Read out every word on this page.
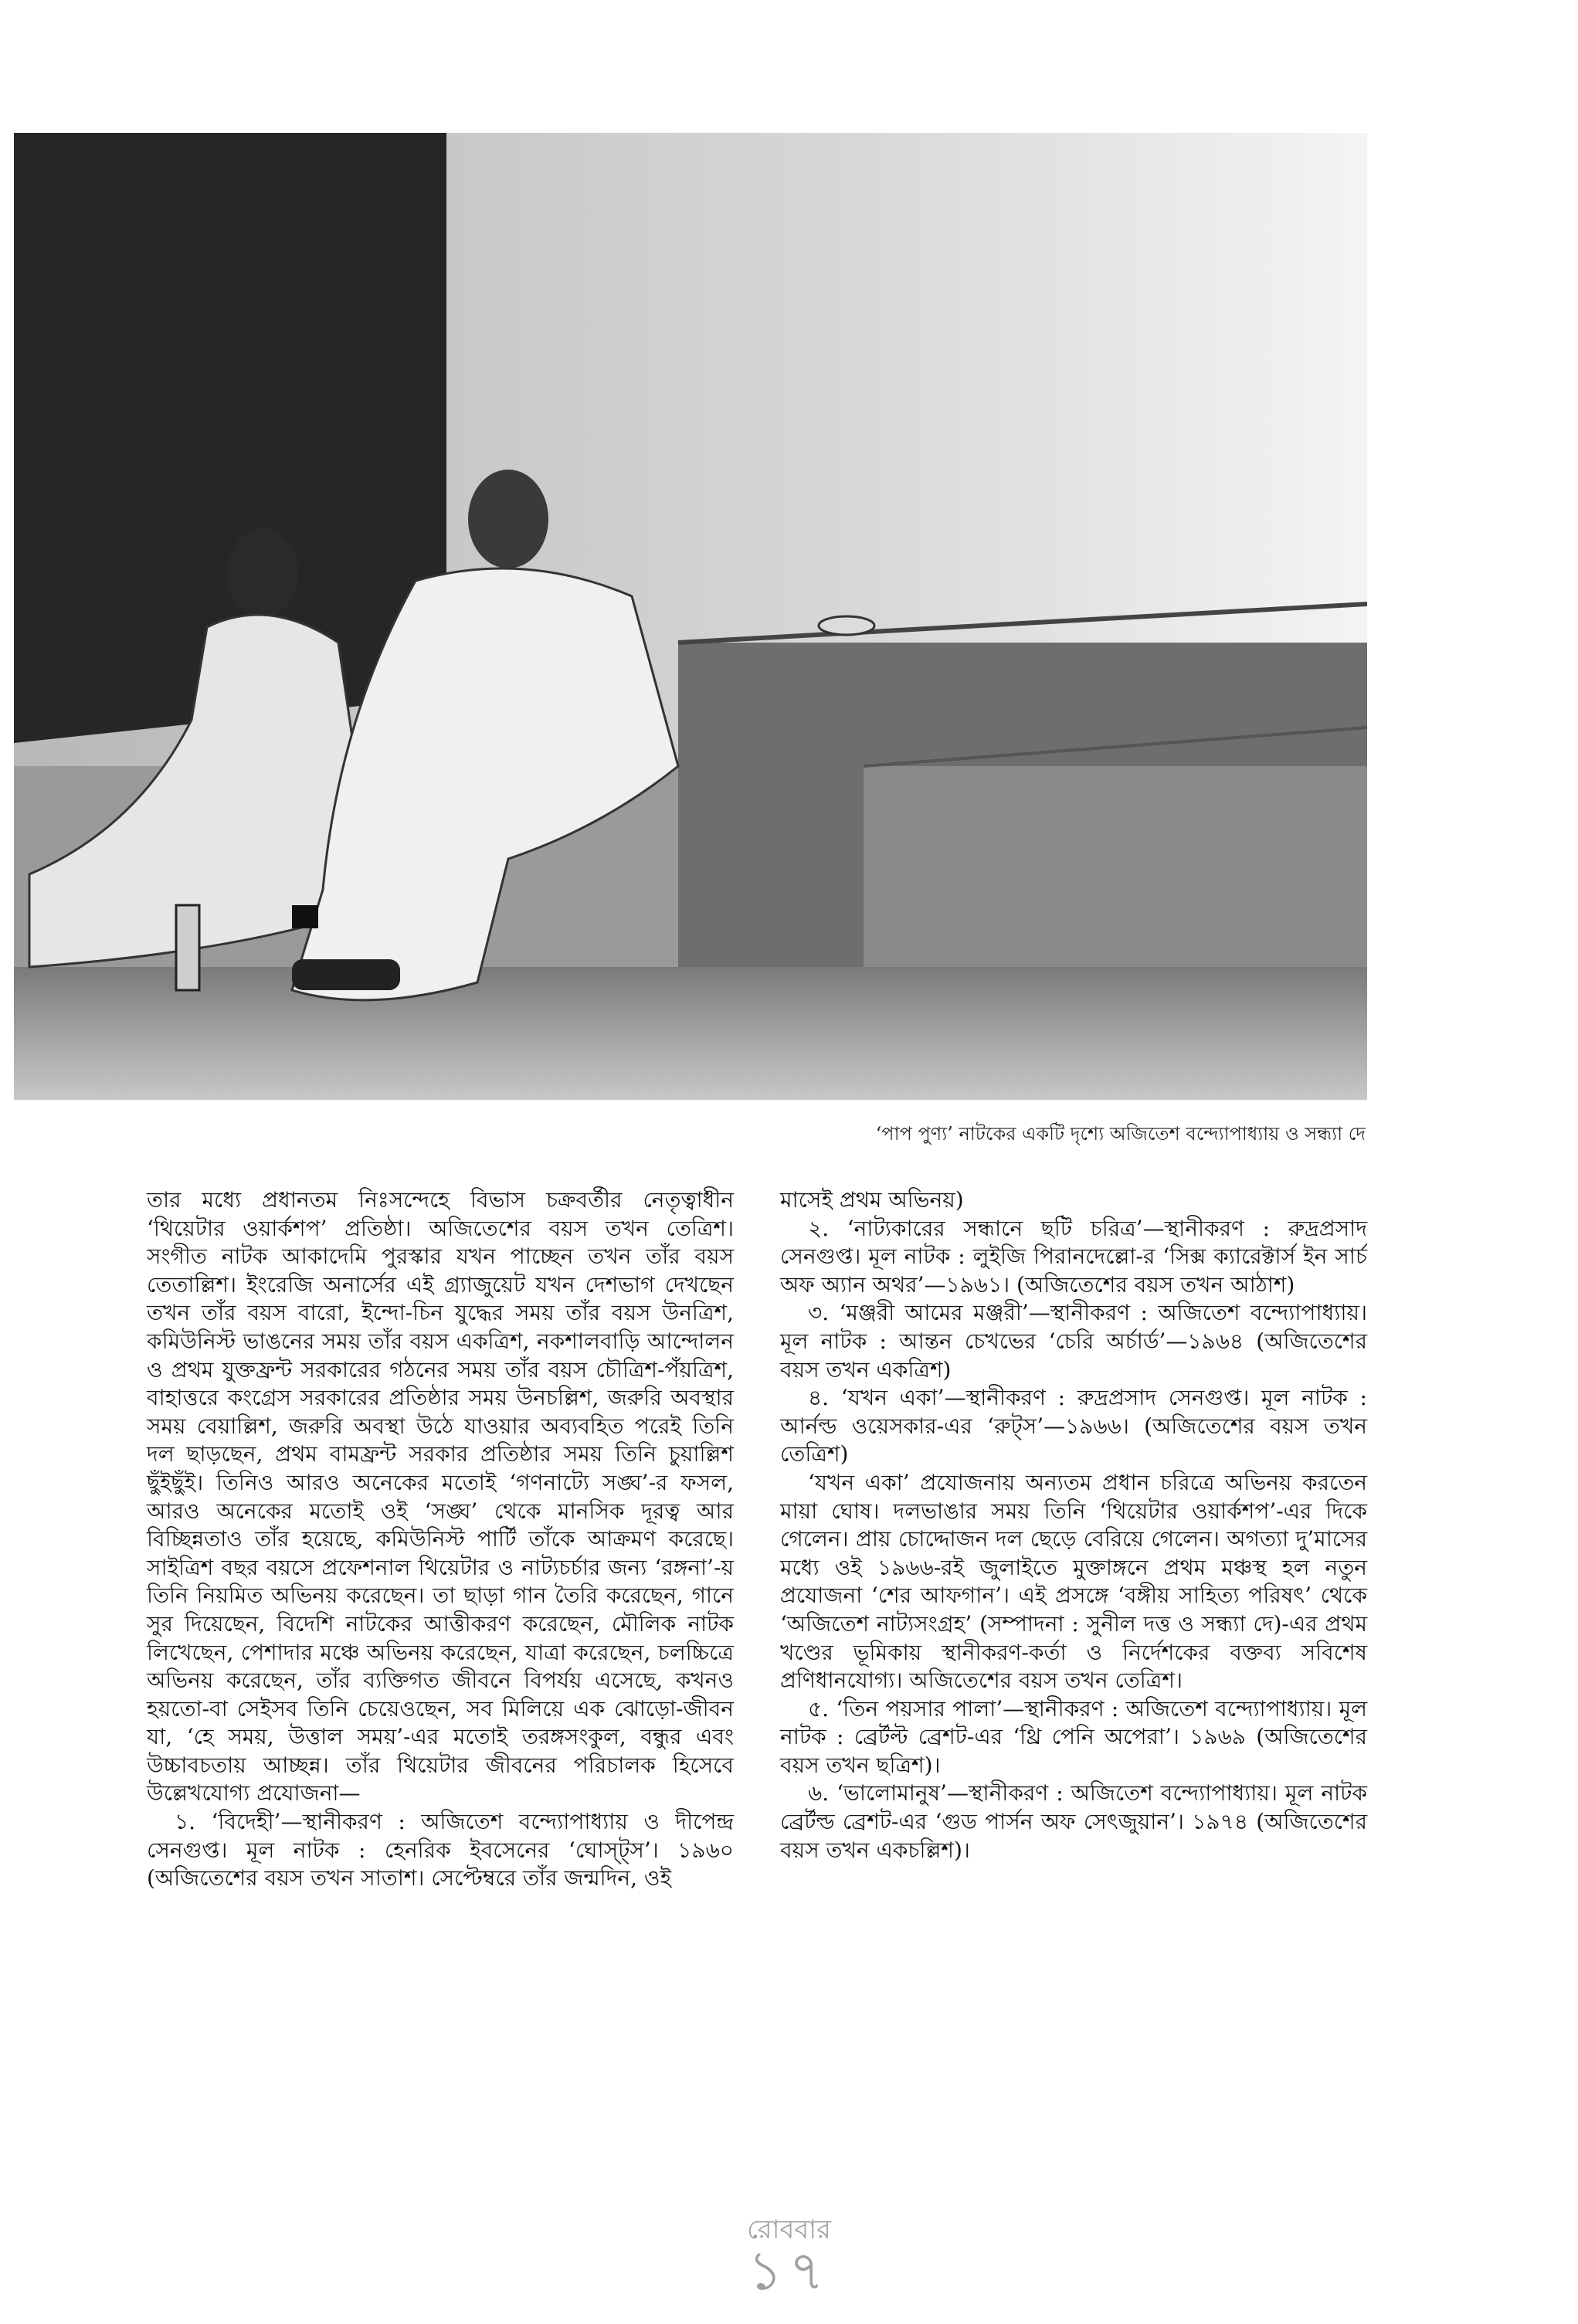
‘পাপ পুণ্য’ নাটকের একটি দৃশ্যে অজিতেশ বন্দ্যোপাধ্যায় ও সন্ধ্যা দে

তার মধ্যে প্রধানতম নিঃসন্দেহে বিভাস চক্রবর্তীর নেতৃত্বাধীন ‘থিয়েটার ওয়ার্কশপ’ প্রতিষ্ঠা। অজিতেশের বয়স তখন তেত্রিশ। সংগীত নাটক আকাদেমি পুরস্কার যখন পাচ্ছেন তখন তাঁর বয়স তেতাল্লিশ। ইংরেজি অনার্সের এই গ্র্যাজুয়েট যখন দেশভাগ দেখছেন তখন তাঁর বয়স বারো, ইন্দো-চিন যুদ্ধের সময় তাঁর বয়স উনত্রিশ, কমিউনিস্ট ভাঙনের সময় তাঁর বয়স একত্রিশ, নকশালবাড়ি আন্দোলন ও প্রথম যুক্তফ্রন্ট সরকারের গঠনের সময় তাঁর বয়স চৌত্রিশ-পঁয়ত্রিশ, বাহাত্তরে কংগ্রেস সরকারের প্রতিষ্ঠার সময় উনচল্লিশ, জরুরি অবস্থার সময় বেয়াল্লিশ, জরুরি অবস্থা উঠে যাওয়ার অব্যবহিত পরেই তিনি দল ছাড়ছেন, প্রথম বামফ্রন্ট সরকার প্রতিষ্ঠার সময় তিনি চুয়াল্লিশ ছুঁইছুঁই। তিনিও আরও অনেকের মতোই ‘গণনাট্যে সঙ্ঘ’-র ফসল, আরও অনেকের মতোই ওই ‘সঙ্ঘ’ থেকে মানসিক দূরত্ব আর বিচ্ছিন্নতাও তাঁর হয়েছে, কমিউনিস্ট পার্টি তাঁকে আক্রমণ করেছে। সাইত্রিশ বছর বয়সে প্রফেশনাল থিয়েটার ও নাট্যচর্চার জন্য ‘রঙ্গনা’-য় তিনি নিয়মিত অভিনয় করেছেন। তা ছাড়া গান তৈরি করেছেন, গানে সুর দিয়েছেন, বিদেশি নাটকের আত্তীকরণ করেছেন, মৌলিক নাটক লিখেছেন, পেশাদার মঞ্চে অভিনয় করেছেন, যাত্রা করেছেন, চলচ্চিত্রে অভিনয় করেছেন, তাঁর ব্যক্তিগত জীবনে বিপর্যয় এসেছে, কখনও হয়তো-বা সেইসব তিনি চেয়েওছেন, সব মিলিয়ে এক ঝোড়ো-জীবন যা, ‘হে সময়, উত্তাল সময়’-এর মতোই তরঙ্গসংকুল, বন্ধুর এবং উচ্চাবচতায় আচ্ছন্ন। তাঁর থিয়েটার জীবনের পরিচালক হিসেবে উল্লেখযোগ্য প্রযোজনা—

১. ‘বিদেহী’—স্থানীকরণ : অজিতেশ বন্দ্যোপাধ্যায় ও দীপেন্দ্র সেনগুপ্ত। মূল নাটক : হেনরিক ইবসেনের ‘ঘোস্ট্স’। ১৯৬০ (অজিতেশের বয়স তখন সাতাশ। সেপ্টেম্বরে তাঁর জন্মদিন, ওই

মাসেই প্রথম অভিনয়)

২. ‘নাট্যকারের সন্ধানে ছটি চরিত্র’—স্থানীকরণ : রুদ্রপ্রসাদ সেনগুপ্ত। মূল নাটক : লুইজি পিরানদেল্লো-র ‘সিক্স ক্যারেক্টার্স ইন সার্চ অফ অ্যান অথর’—১৯৬১। (অজিতেশের বয়স তখন আঠাশ)

৩. ‘মঞ্জরী আমের মঞ্জরী’—স্থানীকরণ : অজিতেশ বন্দ্যোপাধ্যায়। মূল নাটক : আন্তন চেখভের ‘চেরি অর্চার্ড’—১৯৬৪ (অজিতেশের বয়স তখন একত্রিশ)

৪. ‘যখন একা’—স্থানীকরণ : রুদ্রপ্রসাদ সেনগুপ্ত। মূল নাটক : আর্নল্ড ওয়েসকার-এর ‘রুট্স’—১৯৬৬। (অজিতেশের বয়স তখন তেত্রিশ)

‘যখন একা’ প্রযোজনায় অন্যতম প্রধান চরিত্রে অভিনয় করতেন মায়া ঘোষ। দলভাঙার সময় তিনি ‘থিয়েটার ওয়ার্কশপ’-এর দিকে গেলেন। প্রায় চোদ্দোজন দল ছেড়ে বেরিয়ে গেলেন। অগত্যা দু’মাসের মধ্যে ওই ১৯৬৬-রই জুলাইতে মুক্তাঙ্গনে প্রথম মঞ্চস্থ হল নতুন প্রযোজনা ‘শের আফগান’। এই প্রসঙ্গে ‘বঙ্গীয় সাহিত্য পরিষৎ’ থেকে ‘অজিতেশ নাট্যসংগ্রহ’ (সম্পাদনা : সুনীল দত্ত ও সন্ধ্যা দে)-এর প্রথম খণ্ডের ভূমিকায় স্থানীকরণ-কর্তা ও নির্দেশকের বক্তব্য সবিশেষ প্রণিধানযোগ্য। অজিতেশের বয়স তখন তেত্রিশ।

৫. ‘তিন পয়সার পালা’—স্থানীকরণ : অজিতেশ বন্দ্যোপাধ্যায়। মূল নাটক : ব্রের্টল্ট ব্রেশট-এর ‘থ্রি পেনি অপেরা’। ১৯৬৯ (অজিতেশের বয়স তখন ছত্রিশ)।

৬. ‘ভালোমানুষ’—স্থানীকরণ : অজিতেশ বন্দ্যোপাধ্যায়। মূল নাটক ব্রের্টল্ড ব্রেশট-এর ‘গুড পার্সন অফ সেৎজুয়ান’। ১৯৭৪ (অজিতেশের বয়স তখন একচল্লিশ)।

রোববার
১৭
